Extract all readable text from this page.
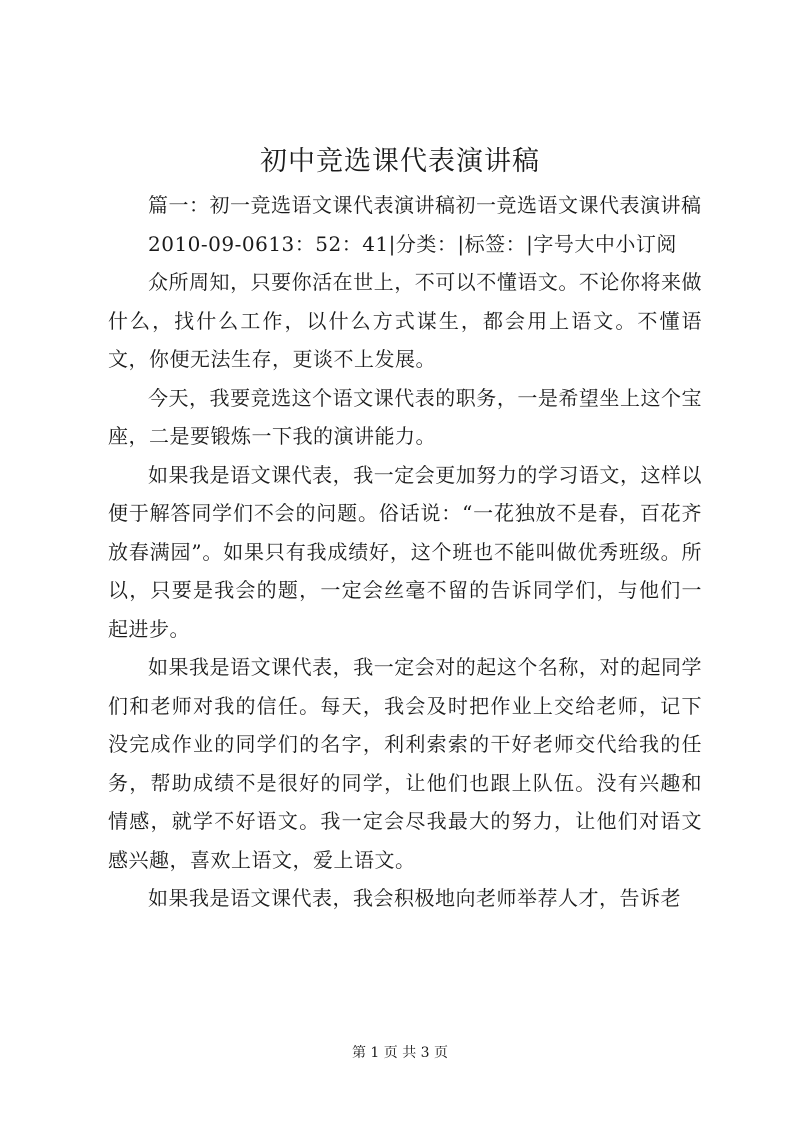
初中竞选课代表演讲稿

篇一：初一竞选语文课代表演讲稿初一竞选语文课代表演讲稿

2010-09-0613：52：41|分类：|标签：|字号大中小订阅

众所周知，只要你活在世上，不可以不懂语文。不论你将来做什么，找什么工作，以什么方式谋生，都会用上语文。不懂语文，你便无法生存，更谈不上发展。

今天，我要竞选这个语文课代表的职务，一是希望坐上这个宝座，二是要锻炼一下我的演讲能力。

如果我是语文课代表，我一定会更加努力的学习语文，这样以便于解答同学们不会的问题。俗话说：“一花独放不是春，百花齐放春满园”。如果只有我成绩好，这个班也不能叫做优秀班级。所以，只要是我会的题，一定会丝毫不留的告诉同学们，与他们一起进步。

如果我是语文课代表，我一定会对的起这个名称，对的起同学们和老师对我的信任。每天，我会及时把作业上交给老师，记下没完成作业的同学们的名字，利利索索的干好老师交代给我的任务，帮助成绩不是很好的同学，让他们也跟上队伍。没有兴趣和情感，就学不好语文。我一定会尽我最大的努力，让他们对语文感兴趣，喜欢上语文，爱上语文。

如果我是语文课代表，我会积极地向老师举荐人才，告诉老

第 1 页 共 3 页
